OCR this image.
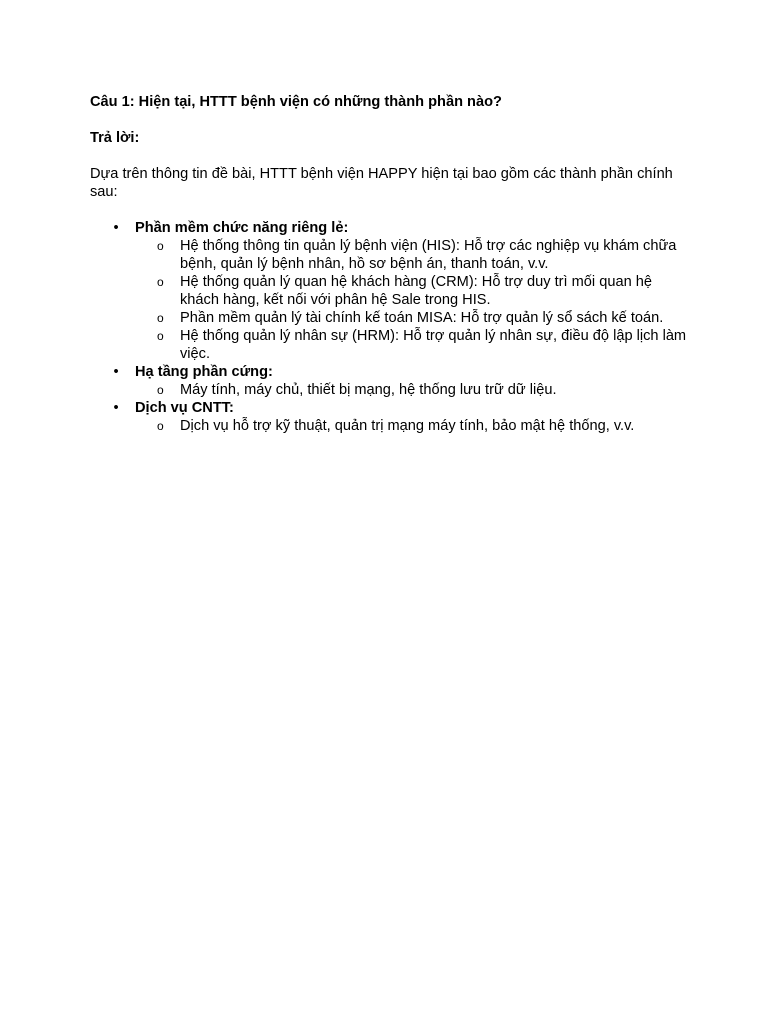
Câu 1: Hiện tại, HTTT bệnh viện có những thành phần nào?

Trả lời:

Dựa trên thông tin đề bài, HTTT bệnh viện HAPPY hiện tại bao gồm các thành phần chính sau:

• Phần mềm chức năng riêng lẻ:
o Hệ thống thông tin quản lý bệnh viện (HIS): Hỗ trợ các nghiệp vụ khám chữa bệnh, quản lý bệnh nhân, hồ sơ bệnh án, thanh toán, v.v.
o Hệ thống quản lý quan hệ khách hàng (CRM): Hỗ trợ duy trì mối quan hệ khách hàng, kết nối với phân hệ Sale trong HIS.
o Phần mềm quản lý tài chính kế toán MISA: Hỗ trợ quản lý sổ sách kế toán.
o Hệ thống quản lý nhân sự (HRM): Hỗ trợ quản lý nhân sự, điều độ lập lịch làm việc.
• Hạ tầng phần cứng:
o Máy tính, máy chủ, thiết bị mạng, hệ thống lưu trữ dữ liệu.
• Dịch vụ CNTT:
o Dịch vụ hỗ trợ kỹ thuật, quản trị mạng máy tính, bảo mật hệ thống, v.v.
